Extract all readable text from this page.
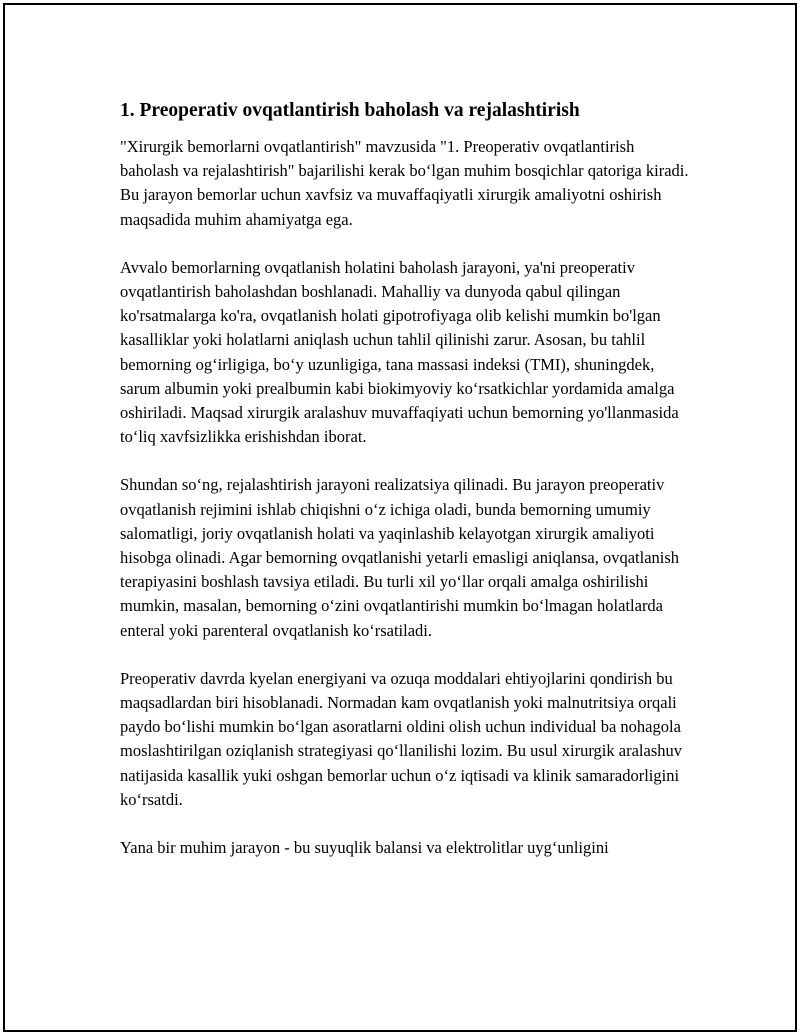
1. Preoperativ ovqatlantirish baholash va rejalashtirish

"Xirurgik bemorlarni ovqatlantirish" mavzusida "1. Preoperativ ovqatlantirish baholash va rejalashtirish" bajarilishi kerak bo‘lgan muhim bosqichlar qatoriga kiradi. Bu jarayon bemorlar uchun xavfsiz va muvaffaqiyatli xirurgik amaliyotni oshirish maqsadida muhim ahamiyatga ega.

Avvalo bemorlarning ovqatlanish holatini baholash jarayoni, ya'ni preoperativ ovqatlantirish baholashdan boshlanadi. Mahalliy va dunyoda qabul qilingan ko'rsatmalarga ko'ra, ovqatlanish holati gipotrofiyaga olib kelishi mumkin bo'lgan kasalliklar yoki holatlarni aniqlash uchun tahlil qilinishi zarur. Asosan, bu tahlil bemorning og‘irligiga, bo‘y uzunligiga, tana massasi indeksi (TMI), shuningdek, sarum albumin yoki prealbumin kabi biokimyoviy ko‘rsatkichlar yordamida amalga oshiriladi. Maqsad xirurgik aralashuv muvaffaqiyati uchun bemorning yo'llanmasida to‘liq xavfsizlikka erishishdan iborat.

Shundan so‘ng, rejalashtirish jarayoni realizatsiya qilinadi. Bu jarayon preoperativ ovqatlanish rejimini ishlab chiqishni o‘z ichiga oladi, bunda bemorning umumiy salomatligi, joriy ovqatlanish holati va yaqinlashib kelayotgan xirurgik amaliyoti hisobga olinadi. Agar bemorning ovqatlanishi yetarli emasligi aniqlansa, ovqatlanish terapiyasini boshlash tavsiya etiladi. Bu turli xil yo‘llar orqali amalga oshirilishi mumkin, masalan, bemorning o‘zini ovqatlantirishi mumkin bo‘lmagan holatlarda enteral yoki parenteral ovqatlanish ko‘rsatiladi.

Preoperativ davrda kyelan energiyani va ozuqa moddalari ehtiyojlarini qondirish bu maqsadlardan biri hisoblanadi. Normadan kam ovqatlanish yoki malnutritsiya orqali paydo bo‘lishi mumkin bo‘lgan asoratlarni oldini olish uchun individual ba nohagola moslashtirilgan oziqlanish strategiyasi qo‘llanilishi lozim. Bu usul xirurgik aralashuv natijasida kasallik yuki oshgan bemorlar uchun o‘z iqtisadi va klinik samaradorligini ko‘rsatdi.

Yana bir muhim jarayon - bu suyuqlik balansi va elektrolitlar uyg‘unligini
